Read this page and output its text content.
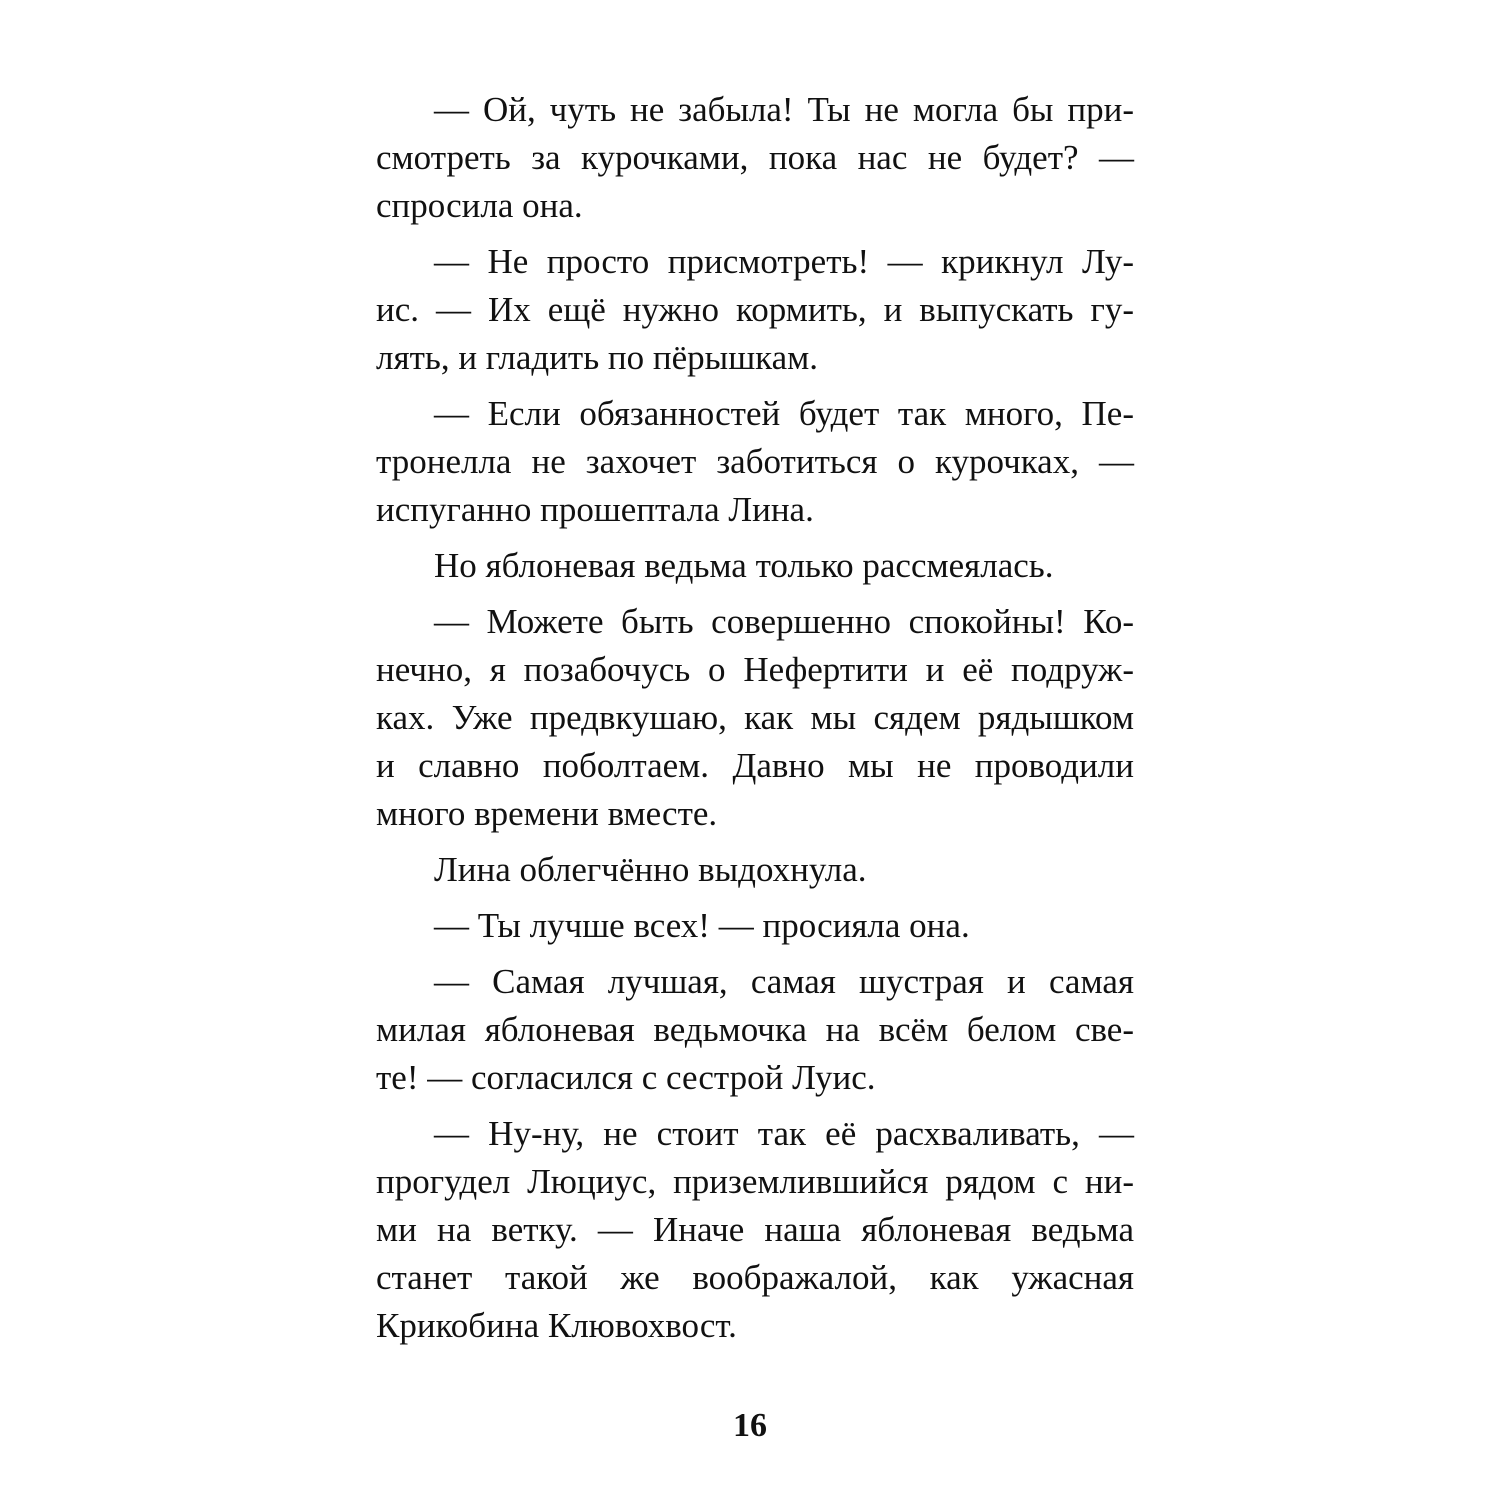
— Ой, чуть не забыла! Ты не могла бы при-
смотреть за курочками, пока нас не будет? —
спросила она.

— Не просто присмотреть! — крикнул Лу-
ис. — Их ещё нужно кормить, и выпускать гу-
лять, и гладить по пёрышкам.

— Если обязанностей будет так много, Пе-
тронелла не захочет заботиться о курочках, —
испуганно прошептала Лина.

Но яблоневая ведьма только рассмеялась.

— Можете быть совершенно спокойны! Ко-
нечно, я позабочусь о Нефертити и её подруж-
ках. Уже предвкушаю, как мы сядем рядышком
и славно поболтаем. Давно мы не проводили
много времени вместе.

Лина облегчённо выдохнула.

— Ты лучше всех! — просияла она.

— Самая лучшая, самая шустрая и самая
милая яблоневая ведьмочка на всём белом све-
те! — согласился с сестрой Луис.

— Ну-ну, не стоит так её расхваливать, —
прогудел Люциус, приземлившийся рядом с ни-
ми на ветку. — Иначе наша яблоневая ведьма
станет такой же воображалой, как ужасная
Крикобина Клювохвост.

16
